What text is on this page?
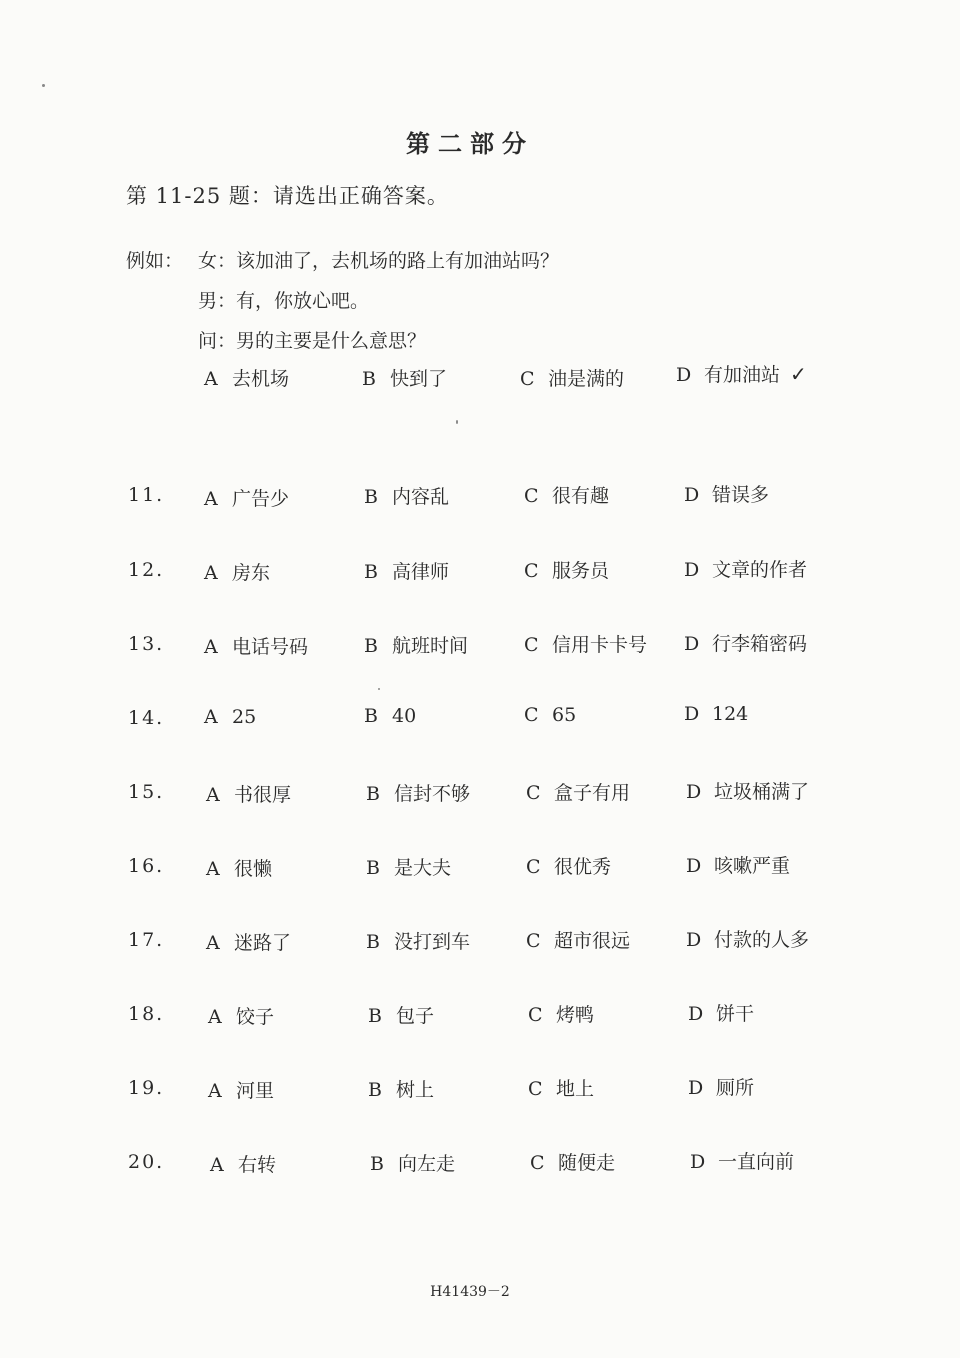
第二部分
第 11-25 题：请选出正确答案。
例如： 女：该加油了，去机场的路上有加油站吗？
男：有，你放心吧。
问：男的主要是什么意思？
A 去机场	B 快到了	C 油是满的	D 有加油站 ✓
11. A 广告少	B 内容乱	C 很有趣	D 错误多
12. A 房东	B 高律师	C 服务员	D 文章的作者
13. A 电话号码	B 航班时间	C 信用卡卡号 D 行李箱密码
14. A 25	B 40	C 65	D 124
15. A 书很厚	B 信封不够	C 盒子有用	D 垃圾桶满了
16. A 很懒	B 是大夫	C 很优秀	D 咳嗽严重
17. A 迷路了	B 没打到车	C 超市很远	D 付款的人多
18. A 饺子	B 包子	C 烤鸭	D 饼干
19. A 河里	B 树上	C 地上	D 厕所
20. A 右转	B 向左走	C 随便走	D 一直向前
H41439－2
